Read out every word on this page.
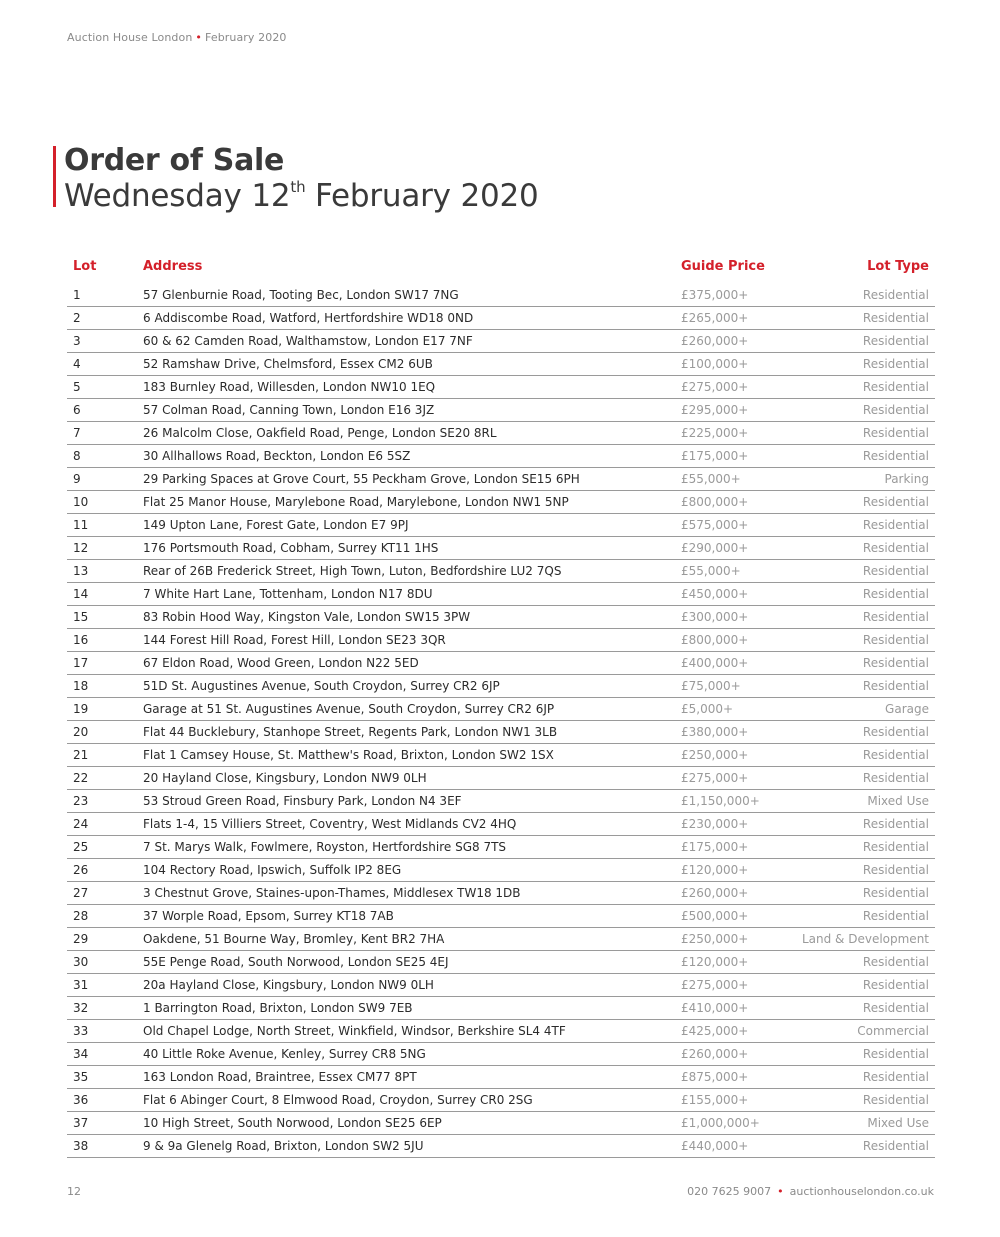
Auction House London • February 2020
Order of Sale
Wednesday 12th February 2020
Lot	Address	Guide Price	Lot Type
1	57 Glenburnie Road, Tooting Bec, London SW17 7NG	£375,000+	Residential
2	6 Addiscombe Road, Watford, Hertfordshire WD18 0ND	£265,000+	Residential
3	60 & 62 Camden Road, Walthamstow, London E17 7NF	£260,000+	Residential
4	52 Ramshaw Drive, Chelmsford, Essex CM2 6UB	£100,000+	Residential
5	183 Burnley Road, Willesden, London NW10 1EQ	£275,000+	Residential
6	57 Colman Road, Canning Town, London E16 3JZ	£295,000+	Residential
7	26 Malcolm Close, Oakfield Road, Penge, London SE20 8RL	£225,000+	Residential
8	30 Allhallows Road, Beckton, London E6 5SZ	£175,000+	Residential
9	29 Parking Spaces at Grove Court, 55 Peckham Grove, London SE15 6PH	£55,000+	Parking
10	Flat 25 Manor House, Marylebone Road, Marylebone, London NW1 5NP	£800,000+	Residential
11	149 Upton Lane, Forest Gate, London E7 9PJ	£575,000+	Residential
12	176 Portsmouth Road, Cobham, Surrey KT11 1HS	£290,000+	Residential
13	Rear of 26B Frederick Street, High Town, Luton, Bedfordshire LU2 7QS	£55,000+	Residential
14	7 White Hart Lane, Tottenham, London N17 8DU	£450,000+	Residential
15	83 Robin Hood Way, Kingston Vale, London SW15 3PW	£300,000+	Residential
16	144 Forest Hill Road, Forest Hill, London SE23 3QR	£800,000+	Residential
17	67 Eldon Road, Wood Green, London N22 5ED	£400,000+	Residential
18	51D St. Augustines Avenue, South Croydon, Surrey CR2 6JP	£75,000+	Residential
19	Garage at 51 St. Augustines Avenue, South Croydon, Surrey CR2 6JP	£5,000+	Garage
20	Flat 44 Bucklebury, Stanhope Street, Regents Park, London NW1 3LB	£380,000+	Residential
21	Flat 1 Camsey House, St. Matthew's Road, Brixton, London SW2 1SX	£250,000+	Residential
22	20 Hayland Close, Kingsbury, London NW9 0LH	£275,000+	Residential
23	53 Stroud Green Road, Finsbury Park, London N4 3EF	£1,150,000+	Mixed Use
24	Flats 1-4, 15 Villiers Street, Coventry, West Midlands CV2 4HQ	£230,000+	Residential
25	7 St. Marys Walk, Fowlmere, Royston, Hertfordshire SG8 7TS	£175,000+	Residential
26	104 Rectory Road, Ipswich, Suffolk IP2 8EG	£120,000+	Residential
27	3 Chestnut Grove, Staines-upon-Thames, Middlesex TW18 1DB	£260,000+	Residential
28	37 Worple Road, Epsom, Surrey KT18 7AB	£500,000+	Residential
29	Oakdene, 51 Bourne Way, Bromley, Kent BR2 7HA	£250,000+	Land & Development
30	55E Penge Road, South Norwood, London SE25 4EJ	£120,000+	Residential
31	20a Hayland Close, Kingsbury, London NW9 0LH	£275,000+	Residential
32	1 Barrington Road, Brixton, London SW9 7EB	£410,000+	Residential
33	Old Chapel Lodge, North Street, Winkfield, Windsor, Berkshire SL4 4TF	£425,000+	Commercial
34	40 Little Roke Avenue, Kenley, Surrey CR8 5NG	£260,000+	Residential
35	163 London Road, Braintree, Essex CM77 8PT	£875,000+	Residential
36	Flat 6 Abinger Court, 8 Elmwood Road, Croydon, Surrey CR0 2SG	£155,000+	Residential
37	10 High Street, South Norwood, London SE25 6EP	£1,000,000+	Mixed Use
38	9 & 9a Glenelg Road, Brixton, London SW2 5JU	£440,000+	Residential
12	020 7625 9007 • auctionhouselondon.co.uk
